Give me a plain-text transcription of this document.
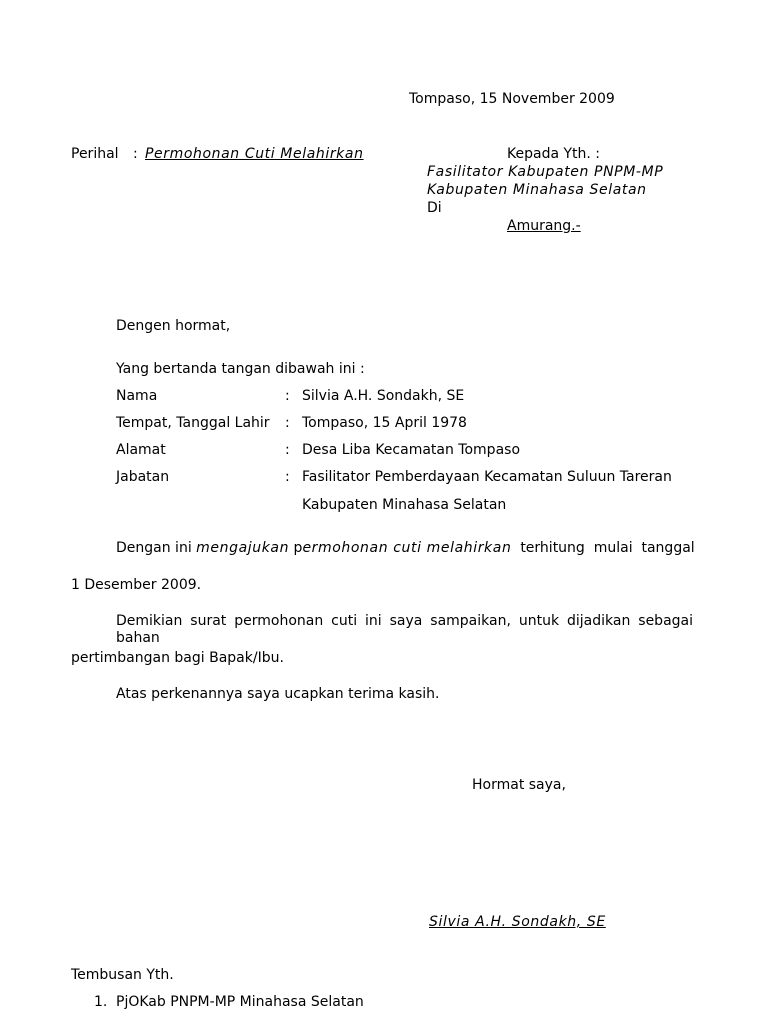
Tompaso, 15 November 2009
Perihal : Permohonan Cuti Melahirkan	Kepada Yth. :
Fasilitator Kabupaten PNPM-MP
Kabupaten Minahasa Selatan
Di
Amurang.-
Dengen hormat,
Yang bertanda tangan dibawah ini :
Nama	: Silvia A.H. Sondakh, SE
Tempat, Tanggal Lahir : Tompaso, 15 April 1978
Alamat	: Desa Liba Kecamatan Tompaso
Jabatan	: Fasilitator Pemberdayaan Kecamatan Suluun Tareran
Kabupaten Minahasa Selatan
Dengan ini mengajukan permohonan cuti melahirkan terhitung  mulai  tanggal
1 Desember 2009.
Demikian surat permohonan cuti ini saya sampaikan, untuk dijadikan sebagai bahan
pertimbangan bagi Bapak/Ibu.
Atas perkenannya saya ucapkan terima kasih.
Hormat saya,
Silvia A.H. Sondakh, SE
Tembusan Yth.
1. PjOKab PNPM-MP Minahasa Selatan
